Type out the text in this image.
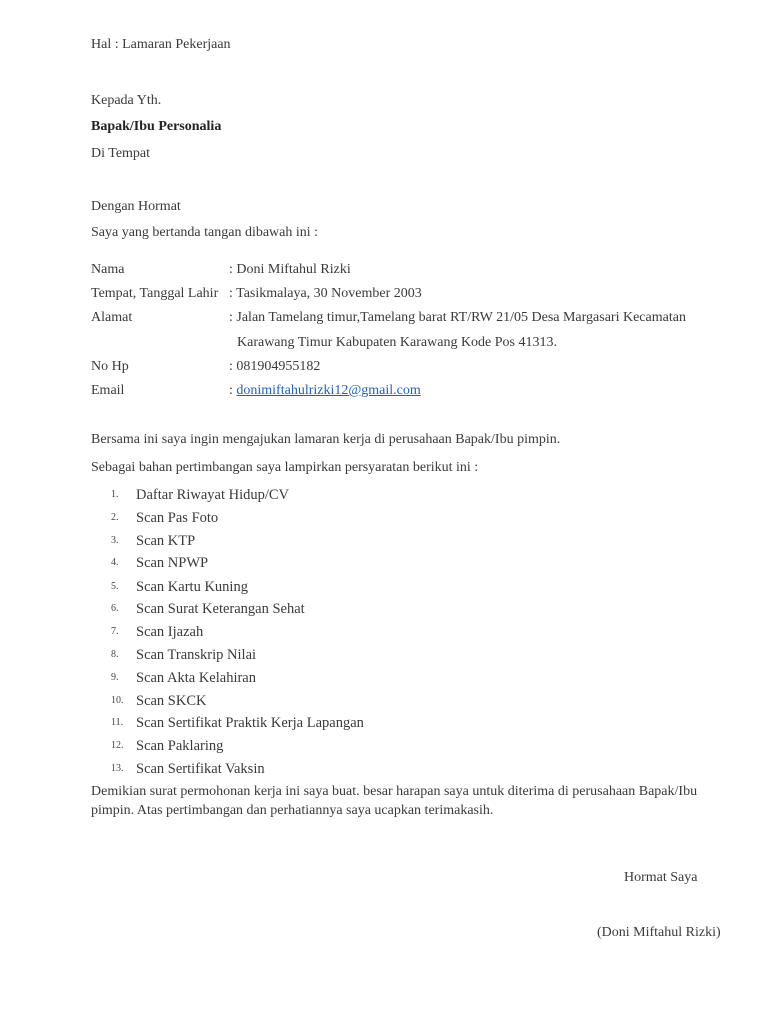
Hal : Lamaran Pekerjaan
Kepada Yth.
Bapak/Ibu Personalia
Di Tempat
Dengan Hormat
Saya yang bertanda tangan dibawah ini :
Nama	: Doni Miftahul Rizki
Tempat, Tanggal Lahir : Tasikmalaya, 30 November 2003
Alamat	: Jalan Tamelang timur,Tamelang barat RT/RW 21/05 Desa Margasari Kecamatan
Karawang Timur Kabupaten Karawang Kode Pos 41313.
No Hp	: 081904955182
Email	: donimiftahulrizki12@gmail.com
Bersama ini saya ingin mengajukan lamaran kerja di perusahaan Bapak/Ibu pimpin.
Sebagai bahan pertimbangan saya lampirkan persyaratan berikut ini :
1. Daftar Riwayat Hidup/CV
2. Scan Pas Foto
3. Scan KTP
4. Scan NPWP
5. Scan Kartu Kuning
6. Scan Surat Keterangan Sehat
7. Scan Ijazah
8. Scan Transkrip Nilai
9. Scan Akta Kelahiran
10. Scan SKCK
11. Scan Sertifikat Praktik Kerja Lapangan
12. Scan Paklaring
13. Scan Sertifikat Vaksin
Demikian surat permohonan kerja ini saya buat. besar harapan saya untuk diterima di perusahaan Bapak/Ibu
pimpin. Atas pertimbangan dan perhatiannya saya ucapkan terimakasih.
Hormat Saya
(Doni Miftahul Rizki)
